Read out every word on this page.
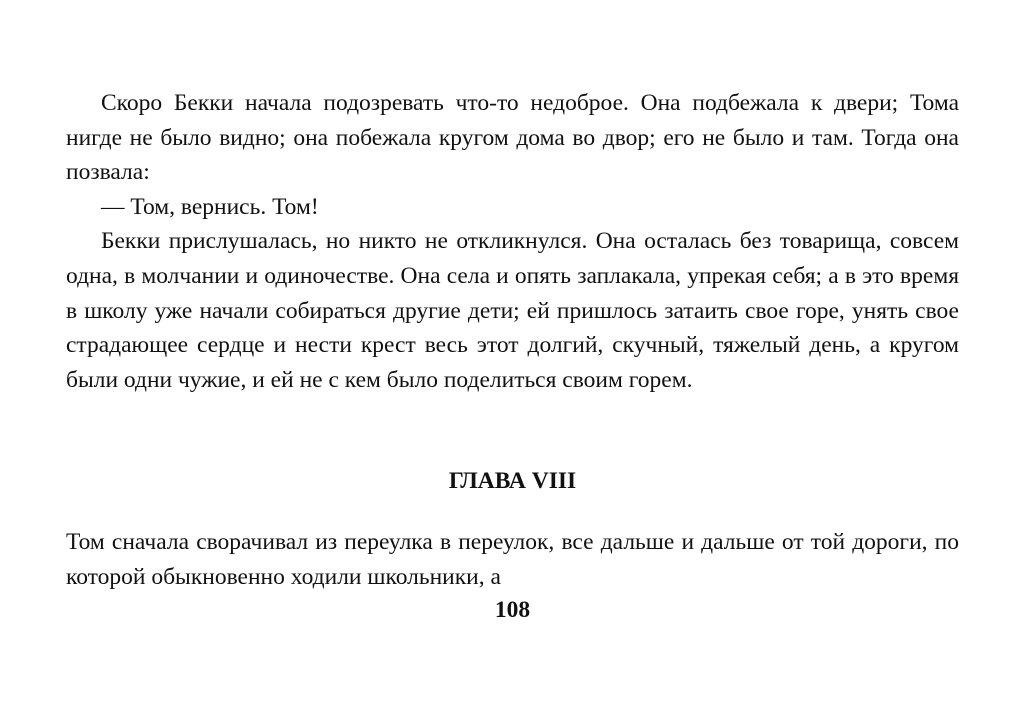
Скоро Бекки начала подозревать что-то недоброе. Она подбежала к двери; Тома нигде не было видно; она побежала кругом дома во двор; его не было и там. Тогда она позвала:

— Том, вернись. Том!

Бекки прислушалась, но никто не откликнулся. Она осталась без товарища, совсем одна, в молчании и одиночестве. Она села и опять заплакала, упрекая себя; а в это время в школу уже начали собираться другие дети; ей пришлось затаить свое горе, унять свое страдающее сердце и нести крест весь этот долгий, скучный, тяжелый день, а кругом были одни чужие, и ей не с кем было поделиться своим горем.

ГЛАВА VIII

Том сначала сворачивал из переулка в переулок, все дальше и дальше от той дороги, по которой обыкновенно ходили школьники, а

108
